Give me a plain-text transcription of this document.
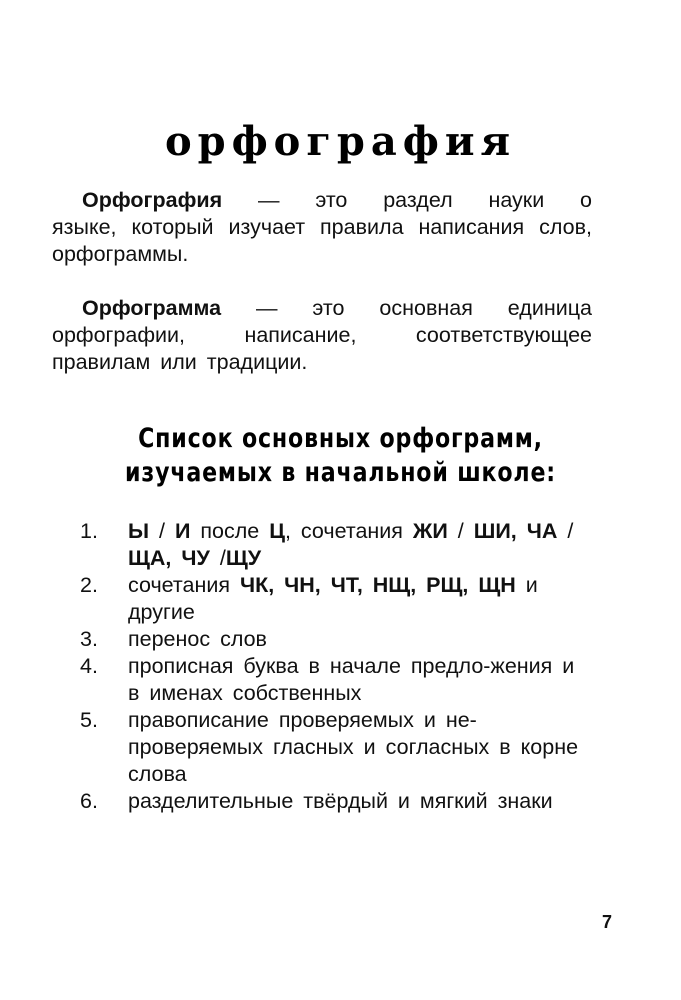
орфография

Орфография — это раздел науки о
языке, который изучает правила написания слов, орфограммы.

Орфограмма — это основная единица
орфографии, написание, соответствующее правилам или традиции.

Список основных орфограмм,
изучаемых в начальной школе:
1.	Ы / И после Ц, сочетания ЖИ / ШИ, ЧА / ЩА, ЧУ /ЩУ
2.	сочетания ЧК, ЧН, ЧТ, НЩ, РЩ, ЩН и другие
3.	перенос слов
4.	прописная буква в начале предло-жения и в именах собственных
5.	правописание проверяемых и не-проверяемых гласных и согласных в корне слова
6.	разделительные твёрдый и мягкий знаки

7
